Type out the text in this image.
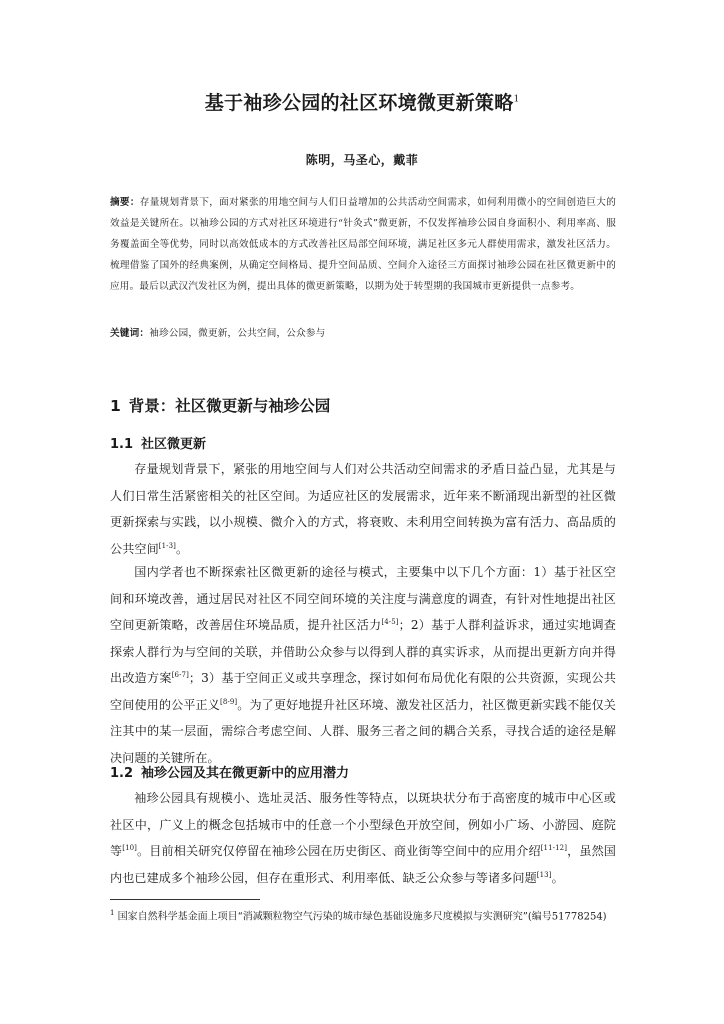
基于袖珍公园的社区环境微更新策略$^1$
陈明，马圣心，戴菲
摘要：存量规划背景下，面对紧张的用地空间与人们日益增加的公共活动空间需求，如何利用微小的空间创造巨大的效益是关键所在。以袖珍公园的方式对社区环境进行“针灸式”微更新，不仅发挥袖珍公园自身面积小、利用率高、服务覆盖面全等优势，同时以高效低成本的方式改善社区局部空间环境，满足社区多元人群使用需求，激发社区活力。梳理借鉴了国外的经典案例，从确定空间格局、提升空间品质、空间介入途径三方面探讨袖珍公园在社区微更新中的应用。最后以武汉汽发社区为例，提出具体的微更新策略，以期为处于转型期的我国城市更新提供一点参考。
关键词：袖珍公园，微更新，公共空间，公众参与
1 背景：社区微更新与袖珍公园
1.1 社区微更新

存量规划背景下，紧张的用地空间与人们对公共活动空间需求的矛盾日益凸显，尤其是与人们日常生活紧密相关的社区空间。为适应社区的发展需求，近年来不断涌现出新型的社区微更新探索与实践，以小规模、微介入的方式，将衰败、未利用空间转换为富有活力、高品质的公共空间[1-3]。

国内学者也不断探索社区微更新的途径与模式，主要集中以下几个方面：1）基于社区空间和环境改善，通过居民对社区不同空间环境的关注度与满意度的调查，有针对性地提出社区空间更新策略，改善居住环境品质，提升社区活力[4-5]；2）基于人群利益诉求，通过实地调查探索人群行为与空间的关联，并借助公众参与以得到人群的真实诉求，从而提出更新方向并得出改造方案[6-7]；3）基于空间正义或共享理念，探讨如何布局优化有限的公共资源，实现公共空间使用的公平正义[8-9]。为了更好地提升社区环境、激发社区活力，社区微更新实践不能仅关注其中的某一层面，需综合考虑空间、人群、服务三者之间的耦合关系，寻找合适的途径是解决问题的关键所在。

1.2 袖珍公园及其在微更新中的应用潜力

袖珍公园具有规模小、选址灵活、服务性等特点，以斑块状分布于高密度的城市中心区或社区中，广义上的概念包括城市中的任意一个小型绿色开放空间，例如小广场、小游园、庭院等[10]。目前相关研究仅停留在袖珍公园在历史街区、商业街等空间中的应用介绍[11-12]，虽然国内也已建成多个袖珍公园，但存在重形式、利用率低、缺乏公众参与等诸多问题[13]。

$^1$ 国家自然科学基金面上项目“消减颗粒物空气污染的城市绿色基础设施多尺度模拟与实测研究”(编号51778254)
